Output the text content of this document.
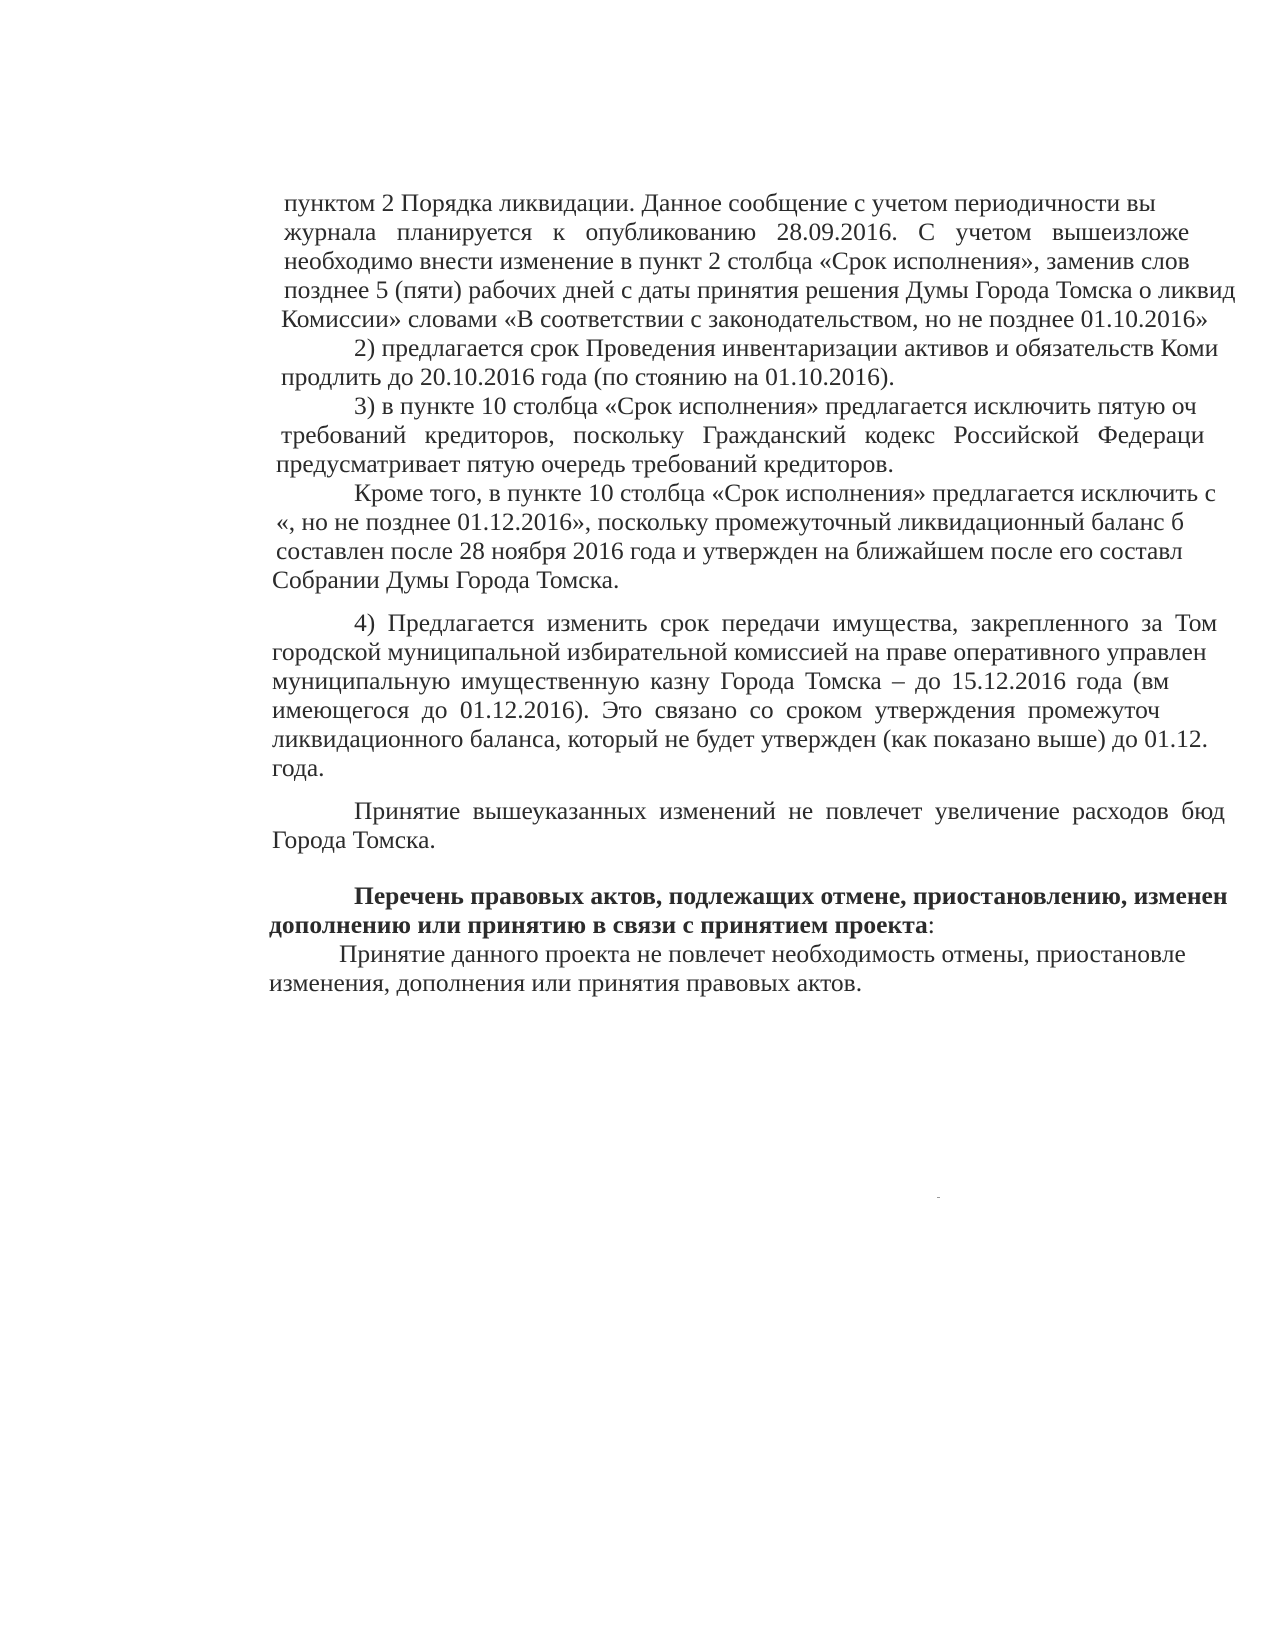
пунктом 2 Порядка ликвидации. Данное сообщение с учетом периодичности вы
журнала планируется к опубликованию 28.09.2016. С учетом вышеизложе
необходимо внести изменение в пункт 2 столбца «Срок исполнения», заменив слов
позднее 5 (пяти) рабочих дней с даты принятия решения Думы Города Томска о ликвид
Комиссии» словами «В соответствии с законодательством, но не позднее 01.10.2016»
2) предлагается срок Проведения инвентаризации активов и обязательств Коми
продлить до 20.10.2016 года (по стоянию на 01.10.2016).
3) в пункте 10 столбца «Срок исполнения» предлагается исключить пятую оч
требований кредиторов, поскольку Гражданский кодекс Российской Федераци
предусматривает пятую очередь требований кредиторов.
Кроме того, в пункте 10 столбца «Срок исполнения» предлагается исключить с
«, но не позднее 01.12.2016», поскольку промежуточный ликвидационный баланс б
составлен после 28 ноября 2016 года и утвержден на ближайшем после его составл
Собрании Думы Города Томска.
4) Предлагается изменить срок передачи имущества, закрепленного за Том
городской муниципальной избирательной комиссией на праве оперативного управлен
муниципальную имущественную казну Города Томска – до 15.12.2016 года (вм
имеющегося до 01.12.2016). Это связано со сроком утверждения промежуточ
ликвидационного баланса, который не будет утвержден (как показано выше) до 01.12.
года.
Принятие вышеуказанных изменений не повлечет увеличение расходов бюд
Города Томска.
Перечень правовых актов, подлежащих отмене, приостановлению, изменен
дополнению или принятию в связи с принятием проекта:
Принятие данного проекта не повлечет необходимость отмены, приостановле
изменения, дополнения или принятия правовых актов.
